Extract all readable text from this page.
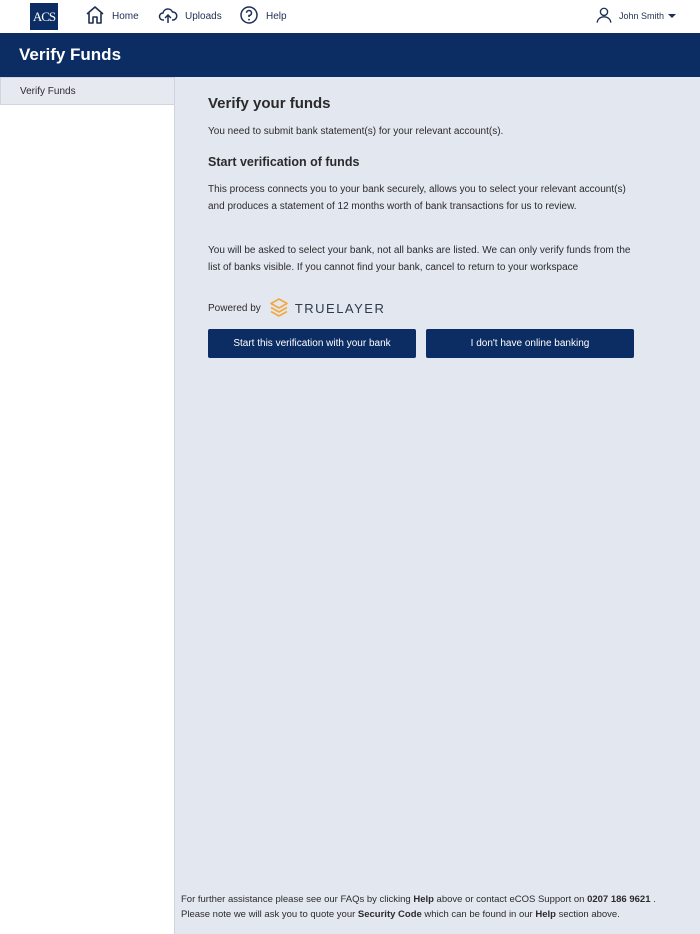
ACS	Home	Uploads	Help	John Smith
Verify Funds
Verify Funds
Verify your funds
You need to submit bank statement(s) for your relevant account(s).
Start verification of funds
This process connects you to your bank securely, allows you to select your relevant account(s) and produces a statement of 12 months worth of bank transactions for us to review.
You will be asked to select your bank, not all banks are listed. We can only verify funds from the list of banks visible. If you cannot find your bank, cancel to return to your workspace
Powered by	TRUELAYER
Start this verification with your bank	I don't have online banking
For further assistance please see our FAQs by clicking Help above or contact eCOS Support on 0207 186 9621 .
Please note we will ask you to quote your Security Code which can be found in our Help section above.
